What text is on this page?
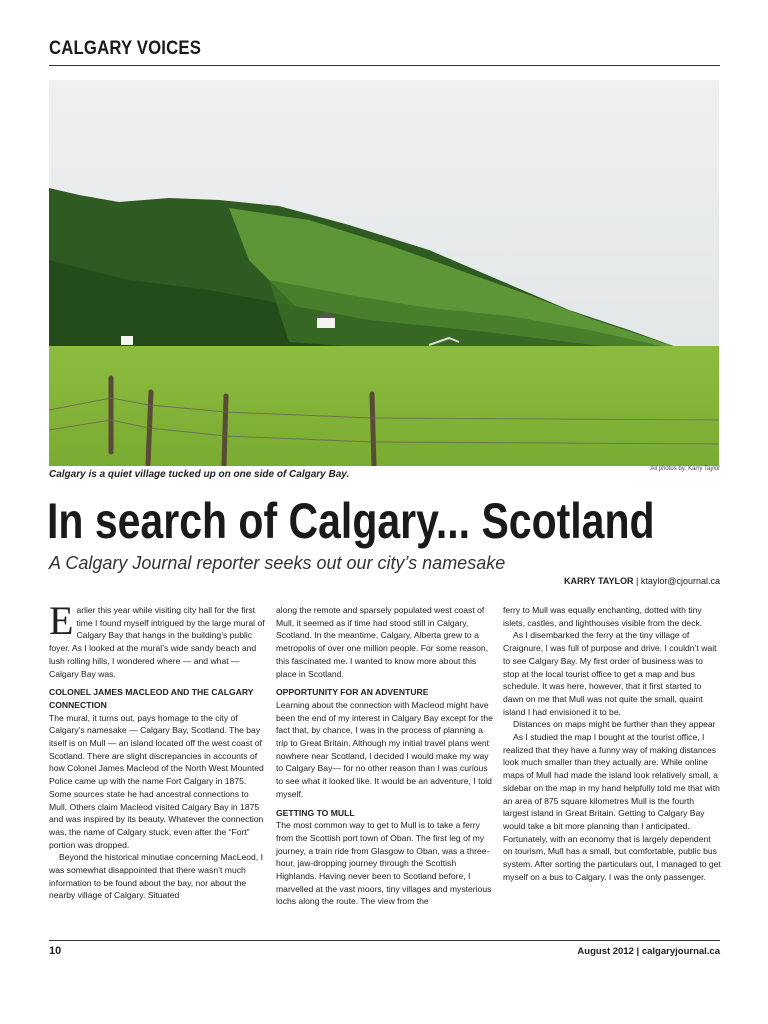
CALGARY VOICES
Calgary is a quiet village tucked up on one side of Calgary Bay.	All photos by: Karry Taylor
In search of Calgary... Scotland
A Calgary Journal reporter seeks out our city’s namesake
KARRY TAYLOR | ktaylor@cjournal.ca

Earlier this year while visiting city hall for the first time I found myself intrigued by the large mural of Calgary Bay that hangs in the building’s public foyer. As I looked at the mural’s wide sandy beach and lush rolling hills, I wondered where — and what — Calgary Bay was.

COLONEL JAMES MACLEOD AND THE CALGARY CONNECTION

The mural, it turns out, pays homage to the city of Calgary’s namesake — Calgary Bay, Scotland. The bay itself is on Mull — an island located off the west coast of Scotland. There are slight discrepancies in accounts of how Colonel James Macleod of the North West Mounted Police came up with the name Fort Calgary in 1875. Some sources state he had ancestral connections to Mull. Others claim Macleod visited Calgary Bay in 1875 and was inspired by its beauty. Whatever the connection was, the name of Calgary stuck, even after the “Fort” portion was dropped.

Beyond the historical minutiae concerning MacLeod, I was somewhat disappointed that there wasn’t much information to be found about the bay, nor about the nearby village of Calgary. Situated

along the remote and sparsely populated west coast of Mull, it seemed as if time had stood still in Calgary, Scotland. In the meantime, Calgary, Alberta grew to a metropolis of over one million people. For some reason, this fascinated me. I wanted to know more about this place in Scotland.

OPPORTUNITY FOR AN ADVENTURE

Learning about the connection with Macleod might have been the end of my interest in Calgary Bay except for the fact that, by chance, I was in the process of planning a trip to Great Britain. Although my initial travel plans went nowhere near Scotland, I decided I would make my way to Calgary Bay— for no other reason than I was curious to see what it looked like. It would be an adventure, I told myself.

GETTING TO MULL

The most common way to get to Mull is to take a ferry from the Scottish port town of Oban. The first leg of my journey, a train ride from Glasgow to Oban, was a three-hour, jaw-dropping journey through the Scottish Highlands. Having never been to Scotland before, I marvelled at the vast moors, tiny villages and mysterious lochs along the route. The view from the

ferry to Mull was equally enchanting, dotted with tiny islets, castles, and lighthouses visible from the deck.

As I disembarked the ferry at the tiny village of Craignure, I was full of purpose and drive. I couldn’t wait to see Calgary Bay. My first order of business was to stop at the local tourist office to get a map and bus schedule. It was here, however, that it first started to dawn on me that Mull was not quite the small, quaint island I had envisioned it to be.

Distances on maps might be further than they appear

As I studied the map I bought at the tourist office, I realized that they have a funny way of making distances look much smaller than they actually are. While online maps of Mull had made the island look relatively small, a sidebar on the map in my hand helpfully told me that with an area of 875 square kilometres Mull is the fourth largest island in Great Britain. Getting to Calgary Bay would take a bit more planning than I anticipated. Fortunately, with an economy that is largely dependent on tourism, Mull has a small, but comfortable, public bus system. After sorting the particulars out, I managed to get myself on a bus to Calgary. I was the only passenger.

10	August 2012 | calgaryjournal.ca
